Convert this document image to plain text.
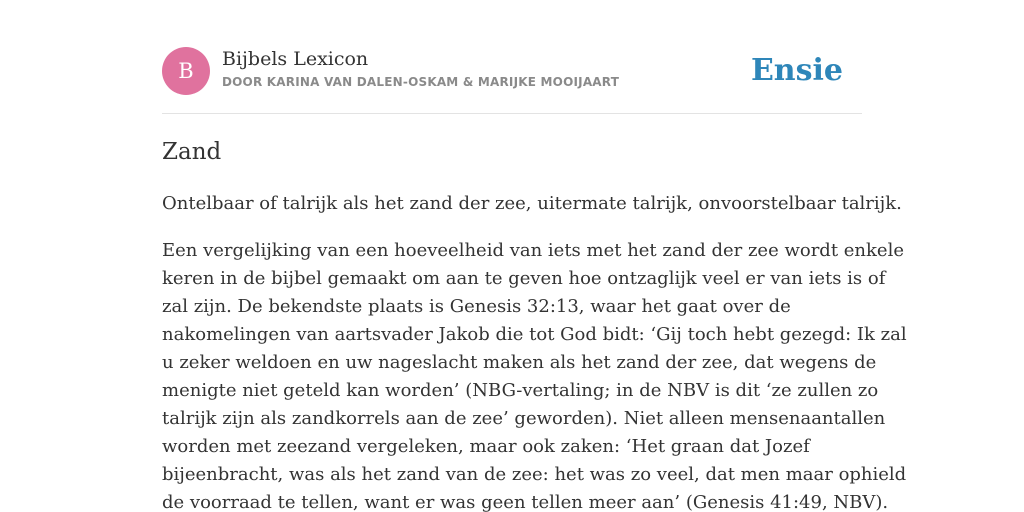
B	Bijbels Lexicon
DOOR KARINA VAN DALEN-OSKAM & MARIJKE MOOIJAART	Ensie
Zand

Ontelbaar of talrijk als het zand der zee, uitermate talrijk, onvoorstelbaar talrijk.

Een vergelijking van een hoeveelheid van iets met het zand der zee wordt enkele
keren in de bijbel gemaakt om aan te geven hoe ontzaglijk veel er van iets is of
zal zijn. De bekendste plaats is Genesis 32:13, waar het gaat over de
nakomelingen van aartsvader Jakob die tot God bidt: ‘Gij toch hebt gezegd: Ik zal
u zeker weldoen en uw nageslacht maken als het zand der zee, dat wegens de
menigte niet geteld kan worden’ (NBG-vertaling; in de NBV is dit ‘ze zullen zo
talrijk zijn als zandkorrels aan de zee’ geworden). Niet alleen mensenaantallen
worden met zeezand vergeleken, maar ook zaken: ‘Het graan dat Jozef
bijeenbracht, was als het zand van de zee: het was zo veel, dat men maar ophield
de voorraad te tellen, want er was geen tellen meer aan’ (Genesis 41:49, NBV).
